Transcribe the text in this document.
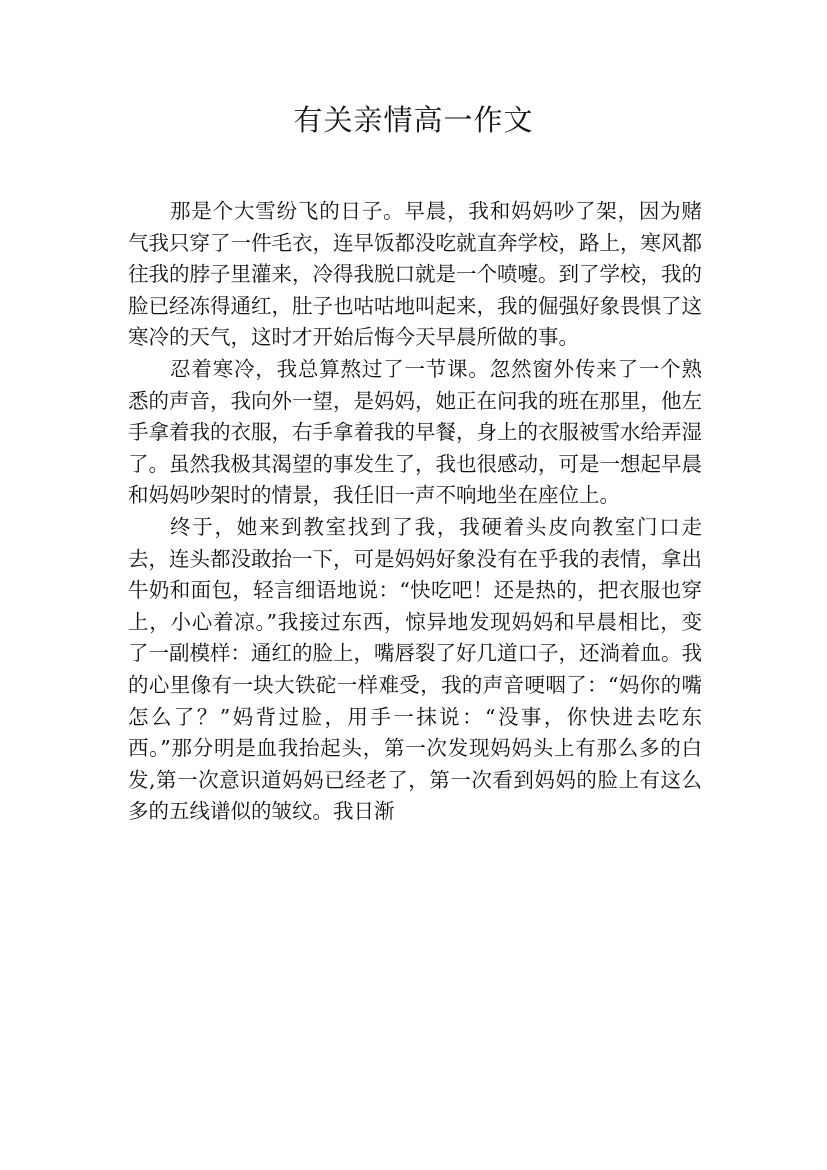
有关亲情高一作文

那是个大雪纷飞的日子。早晨，我和妈妈吵了架，因为赌气我只穿了一件毛衣，连早饭都没吃就直奔学校，路上，寒风都往我的脖子里灌来，冷得我脱口就是一个喷嚏。到了学校，我的脸已经冻得通红，肚子也咕咕地叫起来，我的倔强好象畏惧了这寒冷的天气，这时才开始后悔今天早晨所做的事。

忍着寒冷，我总算熬过了一节课。忽然窗外传来了一个熟悉的声音，我向外一望，是妈妈，她正在问我的班在那里，他左手拿着我的衣服，右手拿着我的早餐，身上的衣服被雪水给弄湿了。虽然我极其渴望的事发生了，我也很感动，可是一想起早晨和妈妈吵架时的情景，我任旧一声不响地坐在座位上。

终于，她来到教室找到了我，我硬着头皮向教室门口走去，连头都没敢抬一下，可是妈妈好象没有在乎我的表情，拿出牛奶和面包，轻言细语地说：“快吃吧！还是热的，把衣服也穿上，小心着凉。”我接过东西，惊异地发现妈妈和早晨相比，变了一副模样：通红的脸上，嘴唇裂了好几道口子，还淌着血。我的心里像有一块大铁砣一样难受，我的声音哽咽了：“妈你的嘴怎么了？”妈背过脸，用手一抹说：“没事，你快进去吃东西。”那分明是血我抬起头，第一次发现妈妈头上有那么多的白发,第一次意识道妈妈已经老了，第一次看到妈妈的脸上有这么多的五线谱似的皱纹。我日渐
